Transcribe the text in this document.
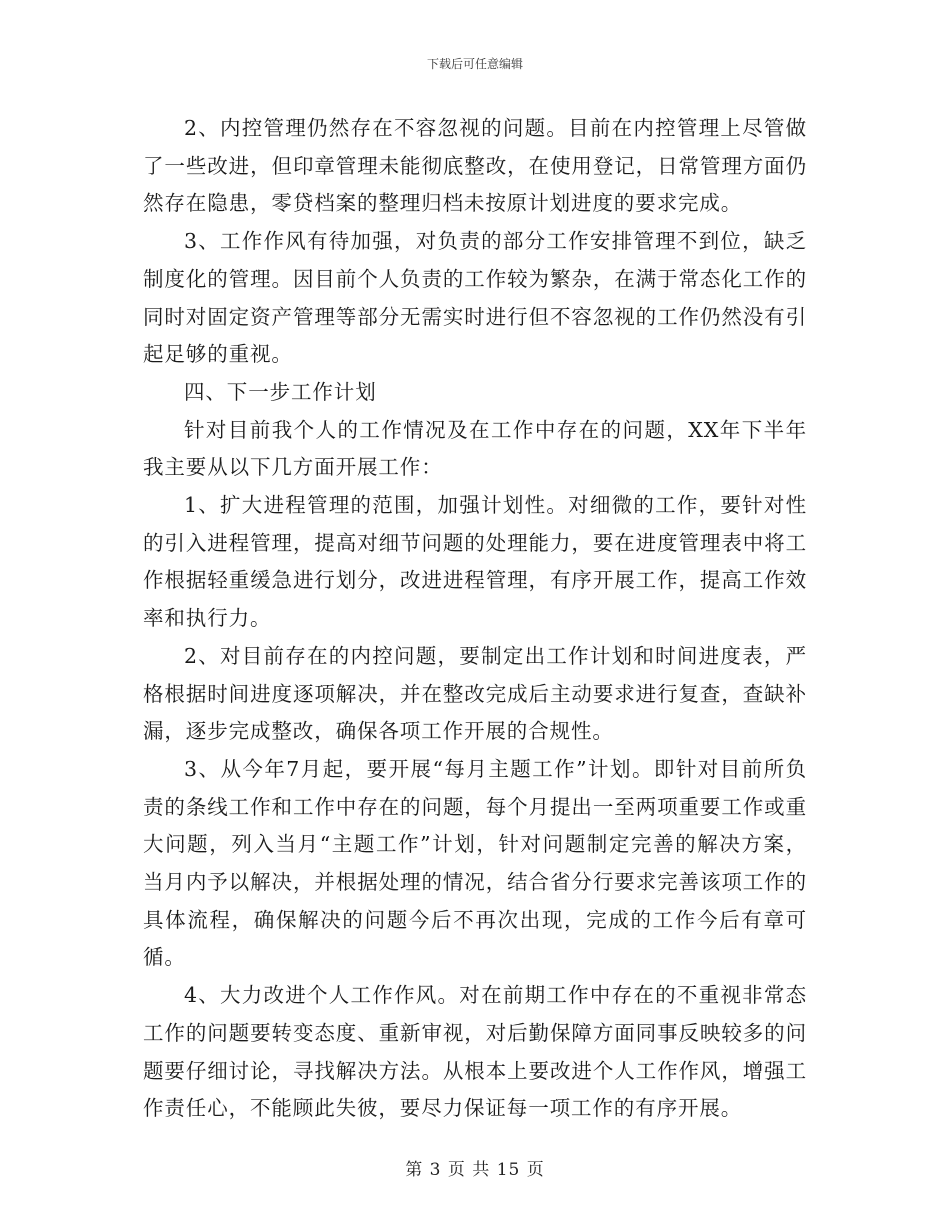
下载后可任意编辑

2、内控管理仍然存在不容忽视的问题。目前在内控管理上尽管做了一些改进，但印章管理未能彻底整改，在使用登记，日常管理方面仍然存在隐患，零贷档案的整理归档未按原计划进度的要求完成。

3、工作作风有待加强，对负责的部分工作安排管理不到位，缺乏制度化的管理。因目前个人负责的工作较为繁杂，在满于常态化工作的同时对固定资产管理等部分无需实时进行但不容忽视的工作仍然没有引起足够的重视。

四、下一步工作计划

针对目前我个人的工作情况及在工作中存在的问题，XX年下半年我主要从以下几方面开展工作：

1、扩大进程管理的范围，加强计划性。对细微的工作，要针对性的引入进程管理，提高对细节问题的处理能力，要在进度管理表中将工作根据轻重缓急进行划分，改进进程管理，有序开展工作，提高工作效率和执行力。

2、对目前存在的内控问题，要制定出工作计划和时间进度表，严格根据时间进度逐项解决，并在整改完成后主动要求进行复查，查缺补漏，逐步完成整改，确保各项工作开展的合规性。

3、从今年7月起，要开展“每月主题工作”计划。即针对目前所负责的条线工作和工作中存在的问题，每个月提出一至两项重要工作或重大问题，列入当月“主题工作”计划，针对问题制定完善的解决方案，当月内予以解决，并根据处理的情况，结合省分行要求完善该项工作的具体流程，确保解决的问题今后不再次出现，完成的工作今后有章可循。

4、大力改进个人工作作风。对在前期工作中存在的不重视非常态工作的问题要转变态度、重新审视，对后勤保障方面同事反映较多的问题要仔细讨论，寻找解决方法。从根本上要改进个人工作作风，增强工作责任心，不能顾此失彼，要尽力保证每一项工作的有序开展。

第 3 页 共 15 页
